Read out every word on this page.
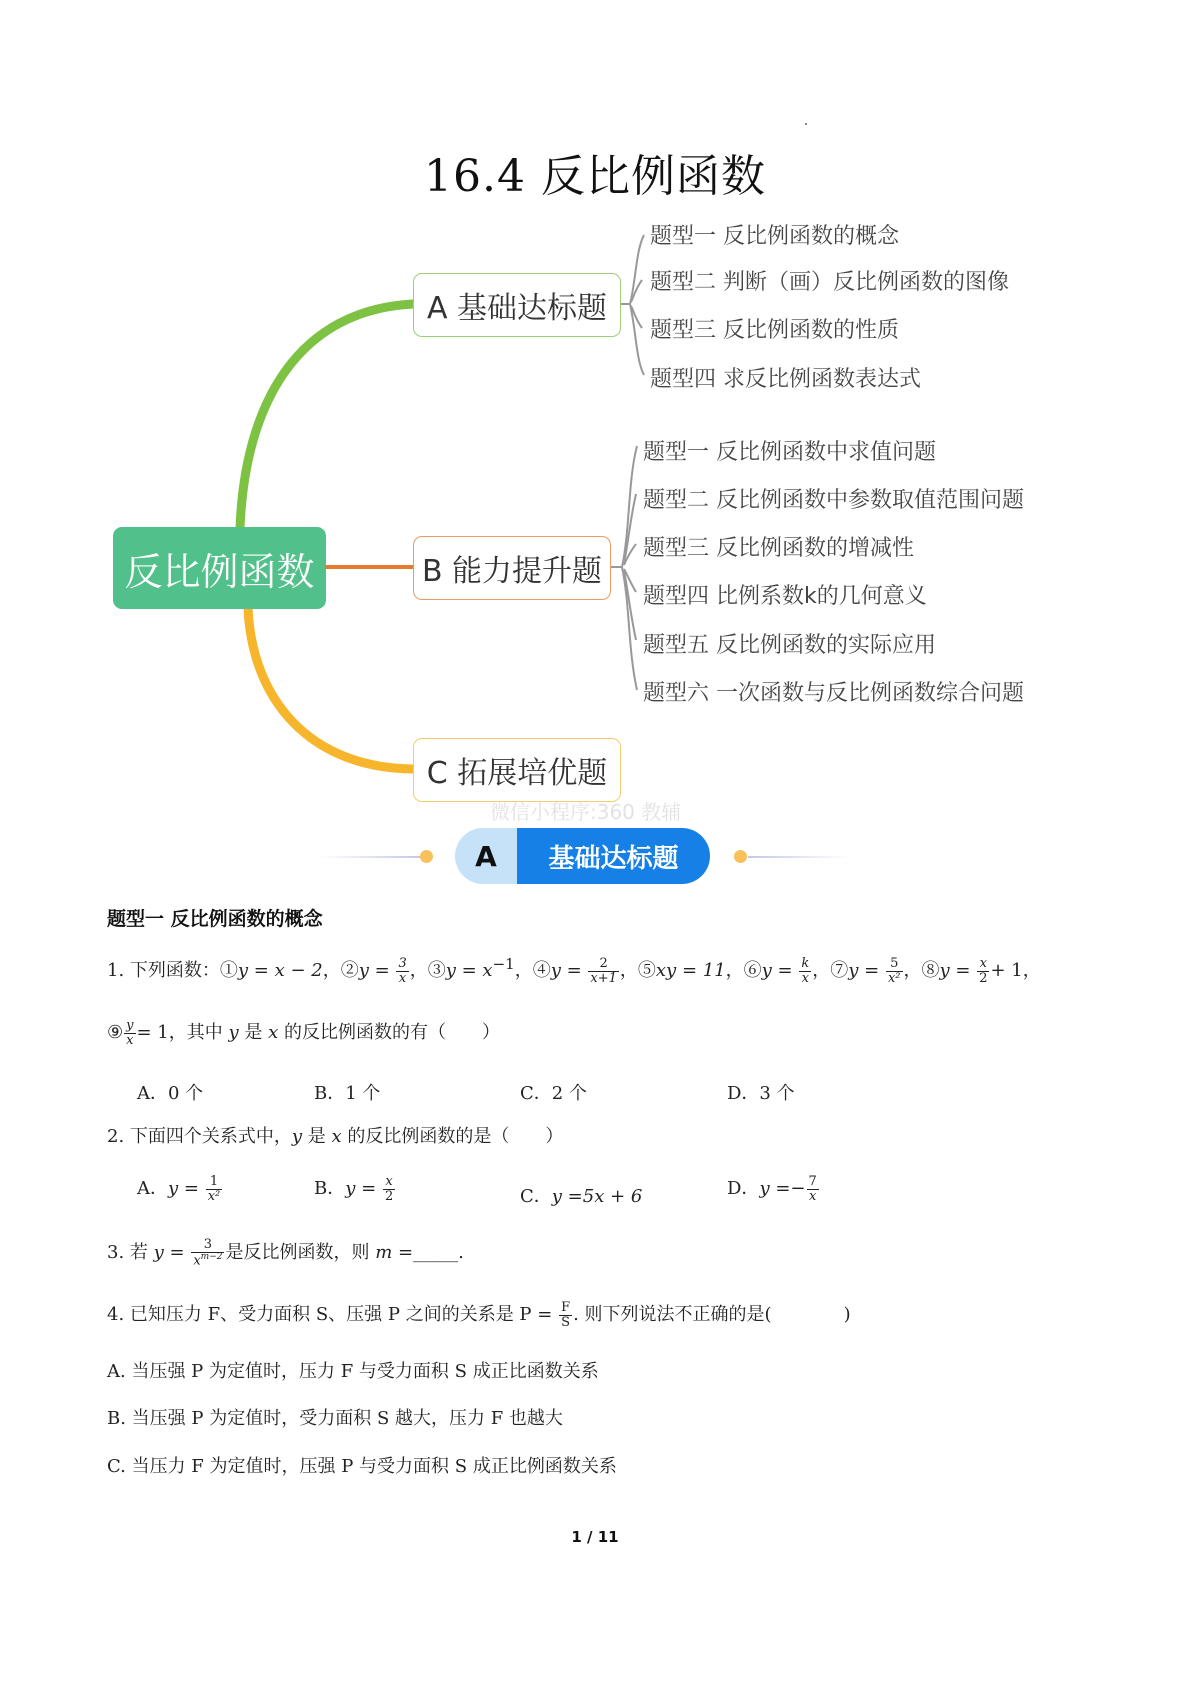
16.4 反比例函数
反比例函数
A 基础达标题
B 能力提升题
C 拓展培优题
题型一 反比例函数的概念
题型二 判断（画）反比例函数的图像
题型三 反比例函数的性质
题型四 求反比例函数表达式
题型一 反比例函数中求值问题
题型二 反比例函数中参数取值范围问题
题型三 反比例函数的增减性
题型四 比例系数k的几何意义
题型五 反比例函数的实际应用
题型六 一次函数与反比例函数综合问题
微信小程序:360 教辅
A	基础达标题
题型一 反比例函数的概念
1. 下列函数：①y = x − 2，②y = $\frac{3}{x}$ ，③y = $x^{-1}$，④y = $\frac{2}{x+1}$ ，⑤xy = 11，⑥y = $\frac{k}{x}$ ，⑦y = $\frac{5}{\text{x²}}$ ，⑧y = $\frac{x}{2} + 1$，
⑨ $\frac{y}{x} = 1$，其中 y 是 x 的反比例函数的有（　　）
A．0 个	B．1 个	C．2 个	D．3 个
2. 下面四个关系式中，y 是 x 的反比例函数的是（　　）
A．$y = \frac{1}{\text{x²}}$	B．$y = \frac{x}{2}$	C．y =5x + 6	D．$y =- \frac{7}{x}$
3. 若 $y = \frac{3}{x^{m-2}}$ 是反比例函数，则 m =_____.
4. 已知压力 F、受力面积 S、压强 P 之间的关系是 $P = \frac{F}{S}$ . 则下列说法不正确的是(　　　　)
A. 当压强 P 为定值时，压力 F 与受力面积 S 成正比函数关系
B. 当压强 P 为定值时，受力面积 S 越大，压力 F 也越大
C. 当压力 F 为定值时，压强 P 与受力面积 S 成正比例函数关系
1 / 11
